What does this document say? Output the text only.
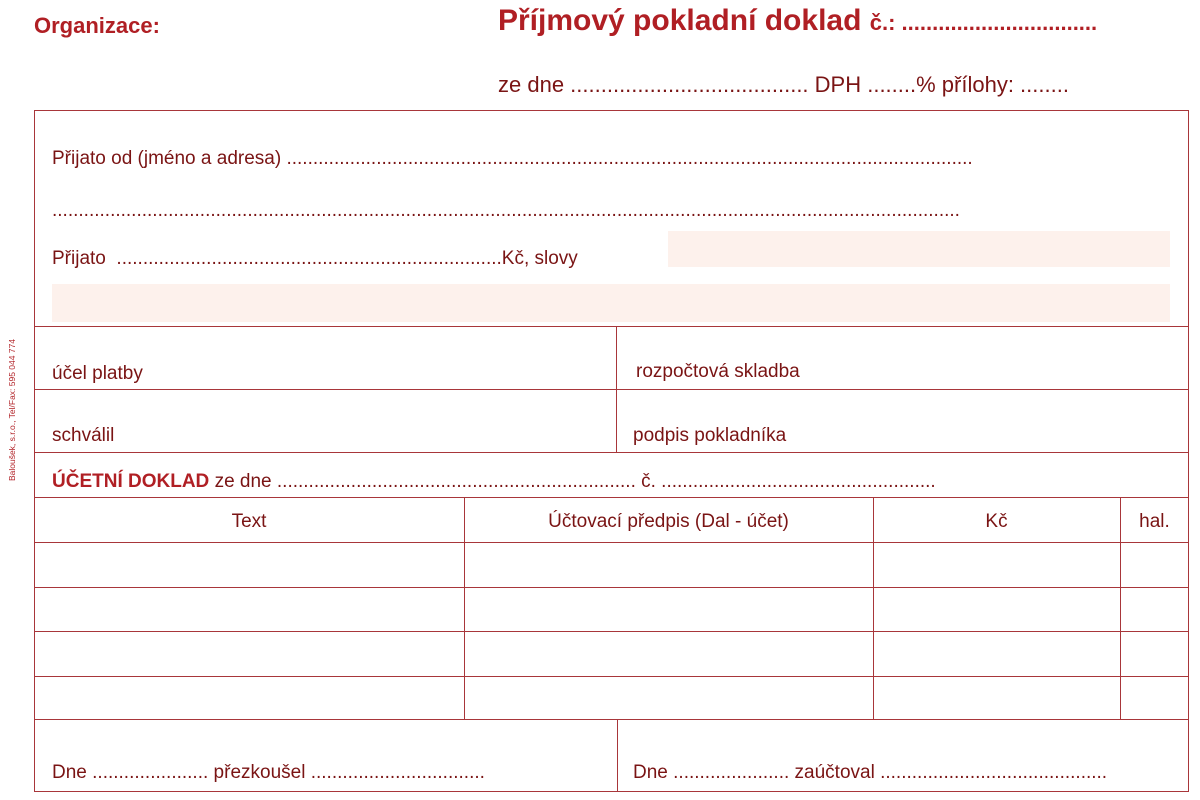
Organizace:	Příjmový pokladní doklad č.: ................................
ze dne ....................................... DPH ........% přílohy: ........
Baloušek, s.r.o., Tel/Fax: 595 044 774
Přijato od (jméno a adresa) ..................................................................................................................................
............................................................................................................................................................................
Přijato .........................................................................Kč, slovy
účel platby	rozpočtová skladba
schválil	podpis pokladníka
ÚČETNÍ DOKLAD ze dne .................................................................... č. ....................................................
Text	Účtovací předpis (Dal - účet)	Kč	hal.
Dne ...................... přezkoušel .................................	Dne ...................... zaúčtoval ...........................................
